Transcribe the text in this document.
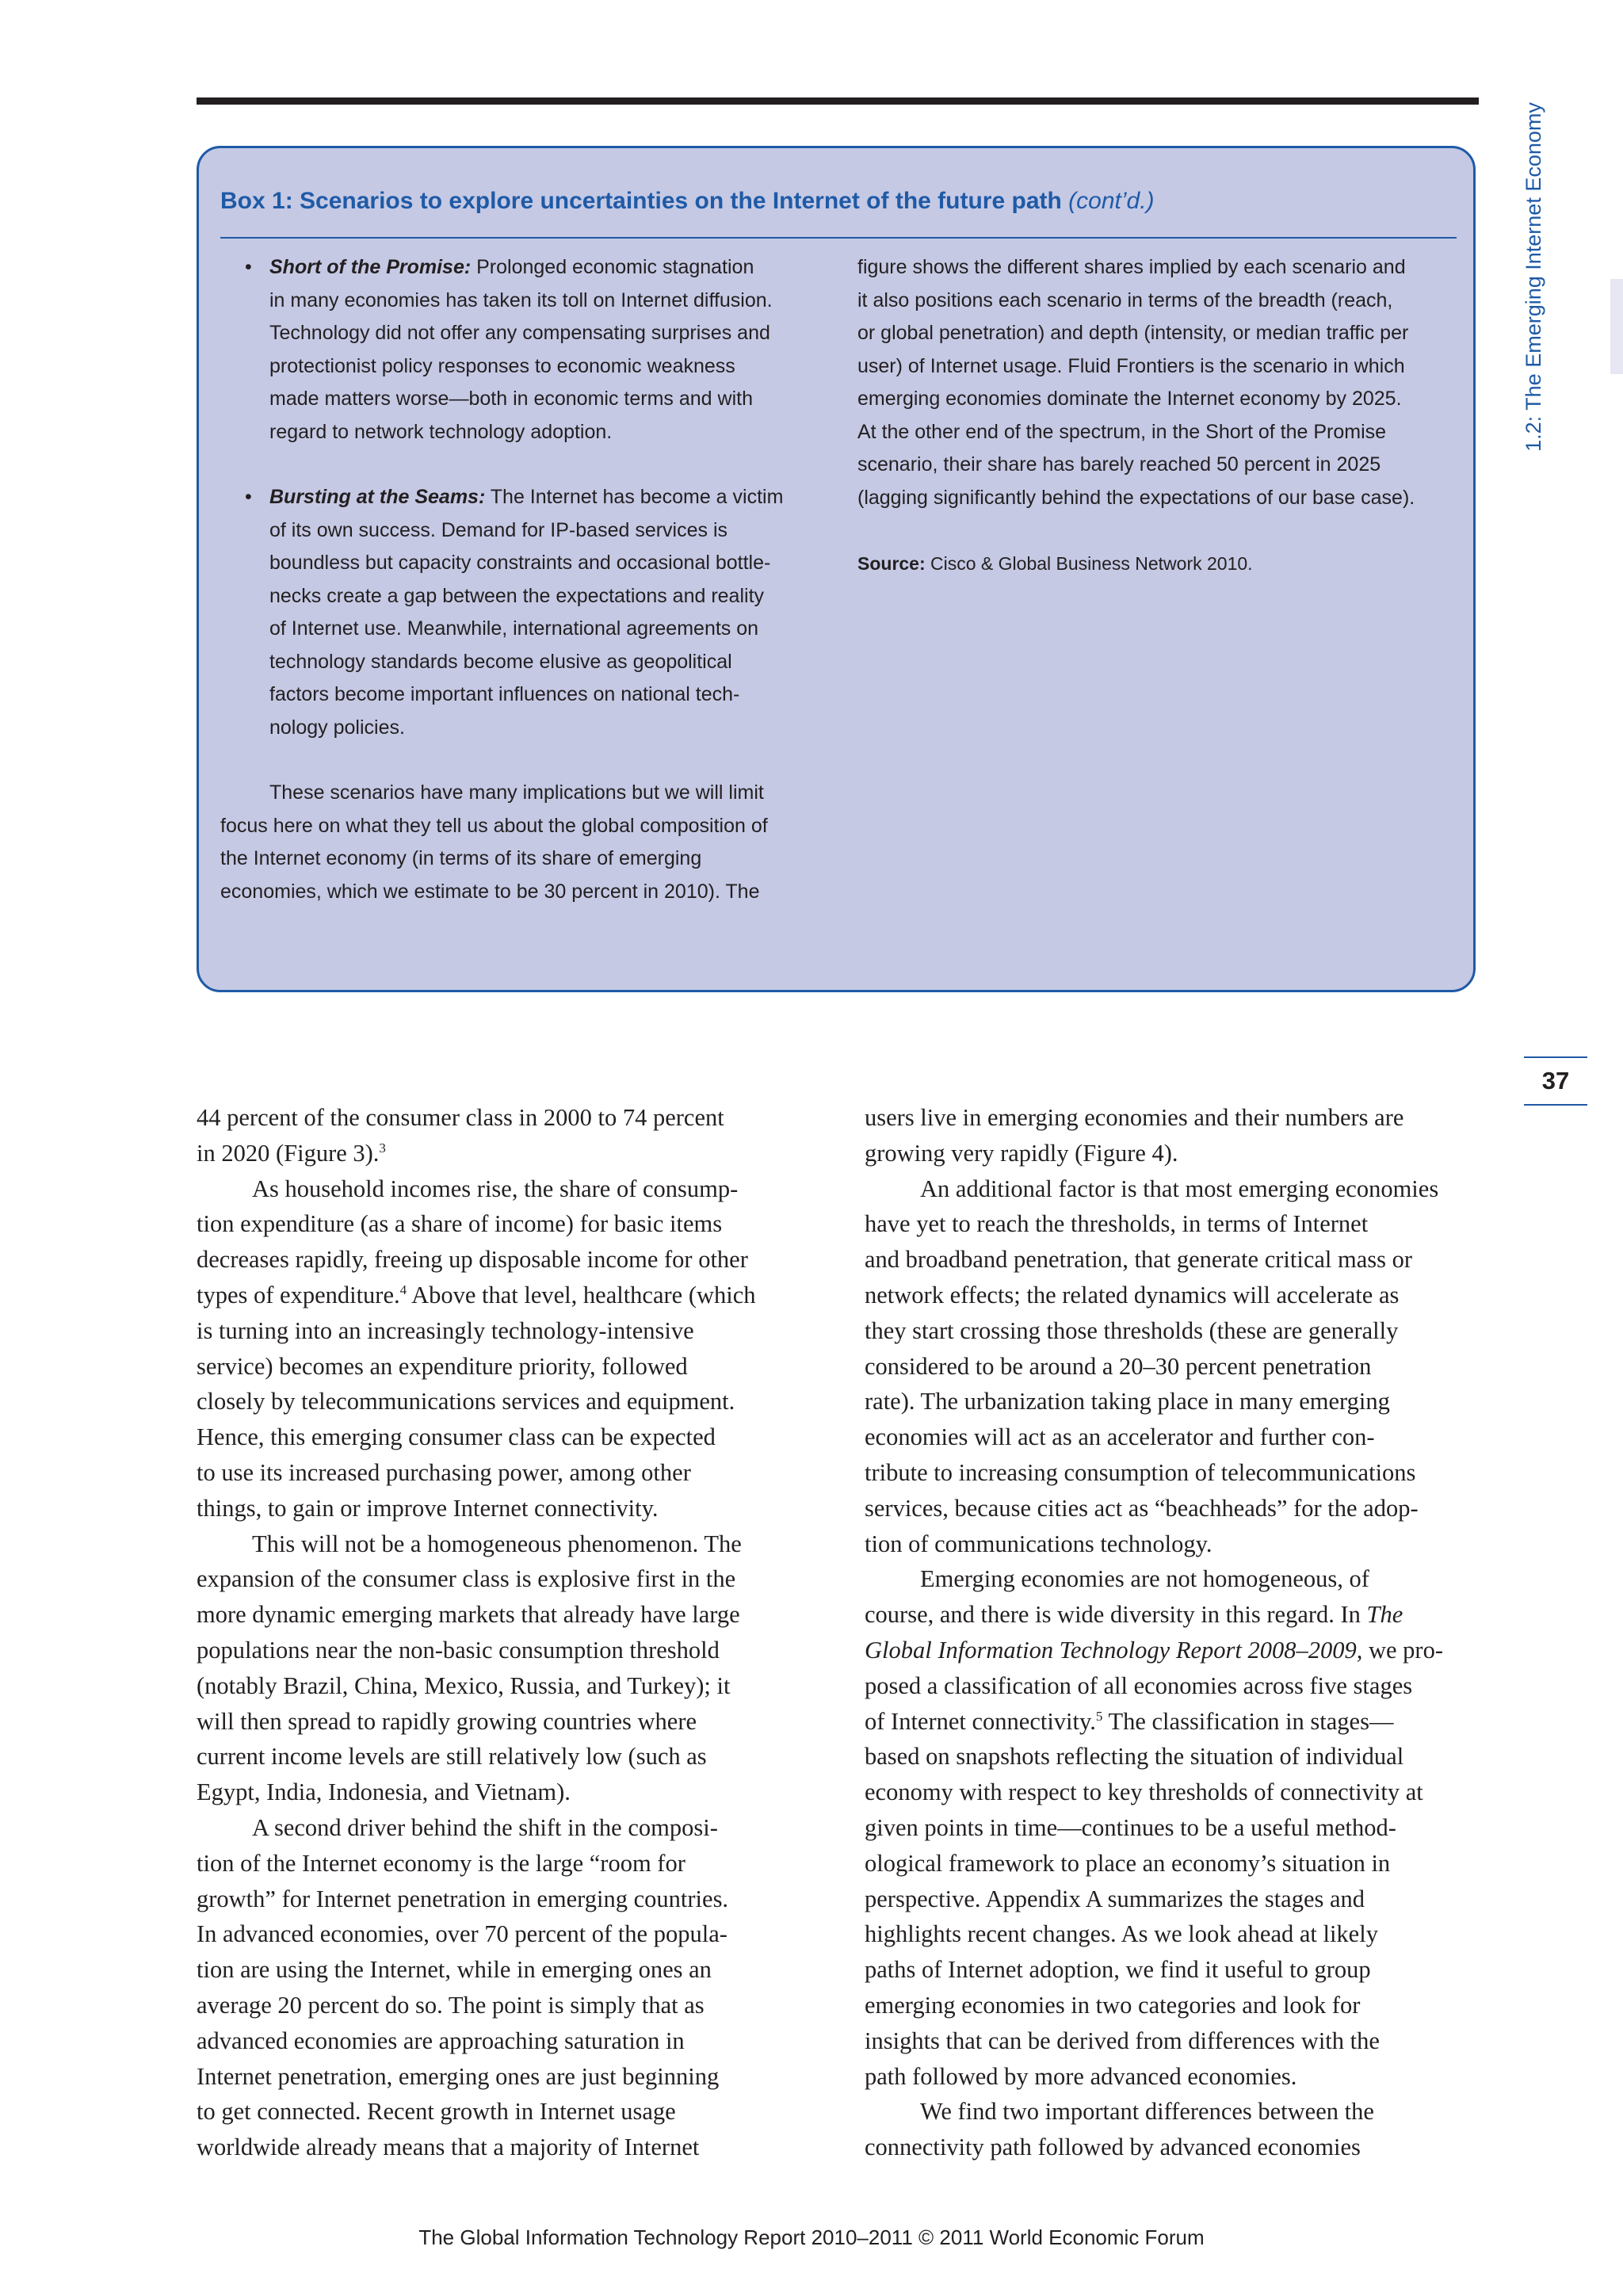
Box 1: Scenarios to explore uncertainties on the Internet of the future path (cont’d.)
• Short of the Promise: Prolonged economic stagnation
in many economies has taken its toll on Internet diffusion.
Technology did not offer any compensating surprises and
protectionist policy responses to economic weakness
made matters worse—both in economic terms and with
regard to network technology adoption.
• Bursting at the Seams: The Internet has become a victim
of its own success. Demand for IP-based services is
boundless but capacity constraints and occasional bottle-
necks create a gap between the expectations and reality
of Internet use. Meanwhile, international agreements on
technology standards become elusive as geopolitical
factors become important influences on national tech-
nology policies.
These scenarios have many implications but we will limit
focus here on what they tell us about the global composition of
the Internet economy (in terms of its share of emerging
economies, which we estimate to be 30 percent in 2010). The
figure shows the different shares implied by each scenario and
it also positions each scenario in terms of the breadth (reach,
or global penetration) and depth (intensity, or median traffic per
user) of Internet usage. Fluid Frontiers is the scenario in which
emerging economies dominate the Internet economy by 2025.
At the other end of the spectrum, in the Short of the Promise
scenario, their share has barely reached 50 percent in 2025
(lagging significantly behind the expectations of our base case).
Source: Cisco & Global Business Network 2010.
1.2: The Emerging Internet Economy
37
44 percent of the consumer class in 2000 to 74 percent
in 2020 (Figure 3).$^3$
As household incomes rise, the share of consump-
tion expenditure (as a share of income) for basic items
decreases rapidly, freeing up disposable income for other
types of expenditure.$^4$ Above that level, healthcare (which
is turning into an increasingly technology-intensive
service) becomes an expenditure priority, followed
closely by telecommunications services and equipment.
Hence, this emerging consumer class can be expected
to use its increased purchasing power, among other
things, to gain or improve Internet connectivity.
This will not be a homogeneous phenomenon. The
expansion of the consumer class is explosive first in the
more dynamic emerging markets that already have large
populations near the non-basic consumption threshold
(notably Brazil, China, Mexico, Russia, and Turkey); it
will then spread to rapidly growing countries where
current income levels are still relatively low (such as
Egypt, India, Indonesia, and Vietnam).
A second driver behind the shift in the composi-
tion of the Internet economy is the large “room for
growth” for Internet penetration in emerging countries.
In advanced economies, over 70 percent of the popula-
tion are using the Internet, while in emerging ones an
average 20 percent do so. The point is simply that as
advanced economies are approaching saturation in
Internet penetration, emerging ones are just beginning
to get connected. Recent growth in Internet usage
worldwide already means that a majority of Internet
users live in emerging economies and their numbers are
growing very rapidly (Figure 4).
An additional factor is that most emerging economies
have yet to reach the thresholds, in terms of Internet
and broadband penetration, that generate critical mass or
network effects; the related dynamics will accelerate as
they start crossing those thresholds (these are generally
considered to be around a 20–30 percent penetration
rate). The urbanization taking place in many emerging
economies will act as an accelerator and further con-
tribute to increasing consumption of telecommunications
services, because cities act as “beachheads” for the adop-
tion of communications technology.
Emerging economies are not homogeneous, of
course, and there is wide diversity in this regard. In The
Global Information Technology Report 2008–2009, we pro-
posed a classification of all economies across five stages
of Internet connectivity.$^5$ The classification in stages—
based on snapshots reflecting the situation of individual
economy with respect to key thresholds of connectivity at
given points in time—continues to be a useful method-
ological framework to place an economy’s situation in
perspective. Appendix A summarizes the stages and
highlights recent changes. As we look ahead at likely
paths of Internet adoption, we find it useful to group
emerging economies in two categories and look for
insights that can be derived from differences with the
path followed by more advanced economies.
We find two important differences between the
connectivity path followed by advanced economies
The Global Information Technology Report 2010–2011 © 2011 World Economic Forum
